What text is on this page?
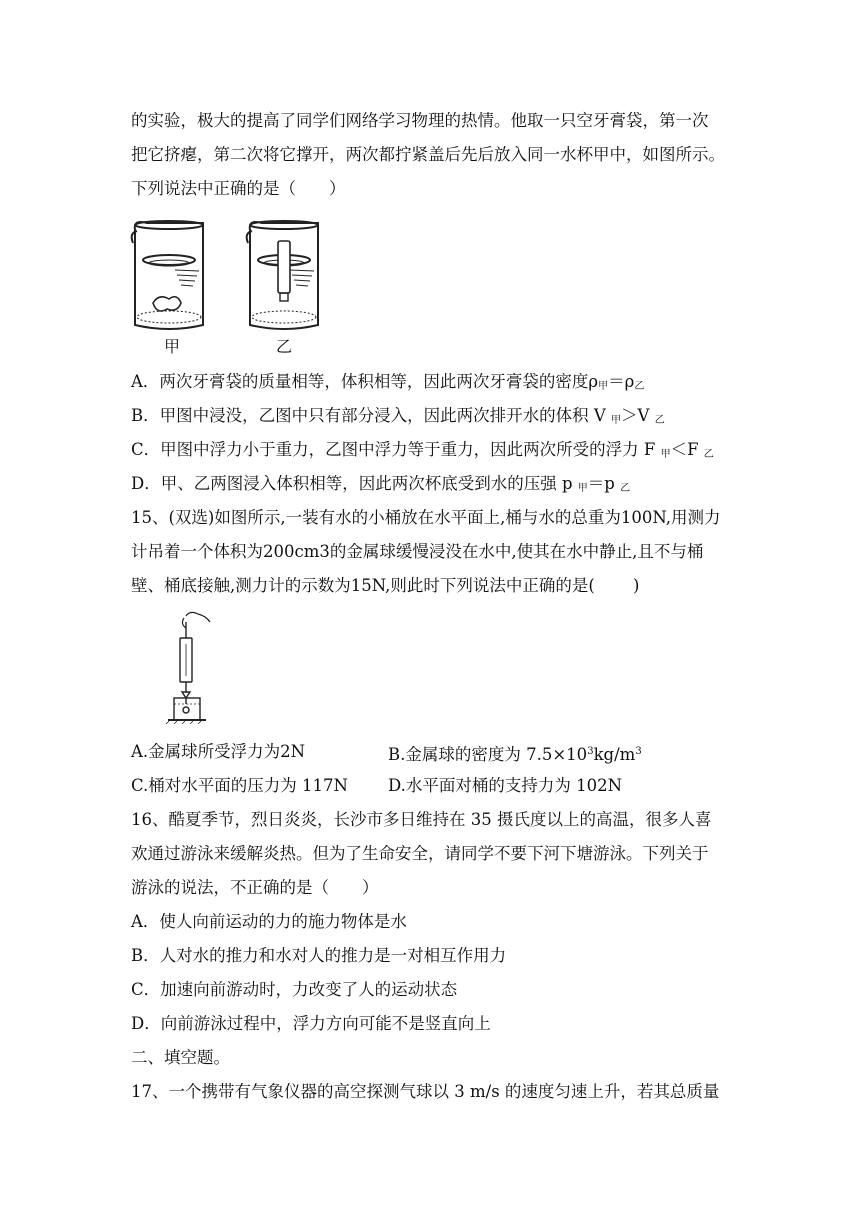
的实验，极大的提高了同学们网络学习物理的热情。他取一只空牙膏袋，第一次
把它挤瘪，第二次将它撑开，两次都拧紧盖后先后放入同一水杯甲中，如图所示。
下列说法中正确的是（　　）
甲	乙
A．两次牙膏袋的质量相等，体积相等，因此两次牙膏袋的密度$\rho_甲=\rho_乙$
B．甲图中浸没，乙图中只有部分浸入，因此两次排开水的体积 V $_甲$＞V $_乙$
C．甲图中浮力小于重力，乙图中浮力等于重力，因此两次所受的浮力 F $_甲$＜F $_乙$
D．甲、乙两图浸入体积相等，因此两次杯底受到水的压强 p $_甲$＝p $_乙$
15、(双选)如图所示,一装有水的小桶放在水平面上,桶与水的总重为100N,用测力
计吊着一个体积为200cm3的金属球缓慢浸没在水中,使其在水中静止,且不与桶
壁、桶底接触,测力计的示数为15N,则此时下列说法中正确的是(　　 )
A.金属球所受浮力为2N	B.金属球的密度为 $7.5\times 10^3kg/m^3$
C.桶对水平面的压力为 117N D.水平面对桶的支持力为 102N
16、酷夏季节，烈日炎炎，长沙市多日维持在 35 摄氏度以上的高温，很多人喜
欢通过游泳来缓解炎热。但为了生命安全，请同学不要下河下塘游泳。下列关于
游泳的说法，不正确的是（　　）
A．使人向前运动的力的施力物体是水
B．人对水的推力和水对人的推力是一对相互作用力
C．加速向前游动时，力改变了人的运动状态
D．向前游泳过程中，浮力方向可能不是竖直向上
二、填空题。
17、一个携带有气象仪器的高空探测气球以 3 m/s 的速度匀速上升，若其总质量
